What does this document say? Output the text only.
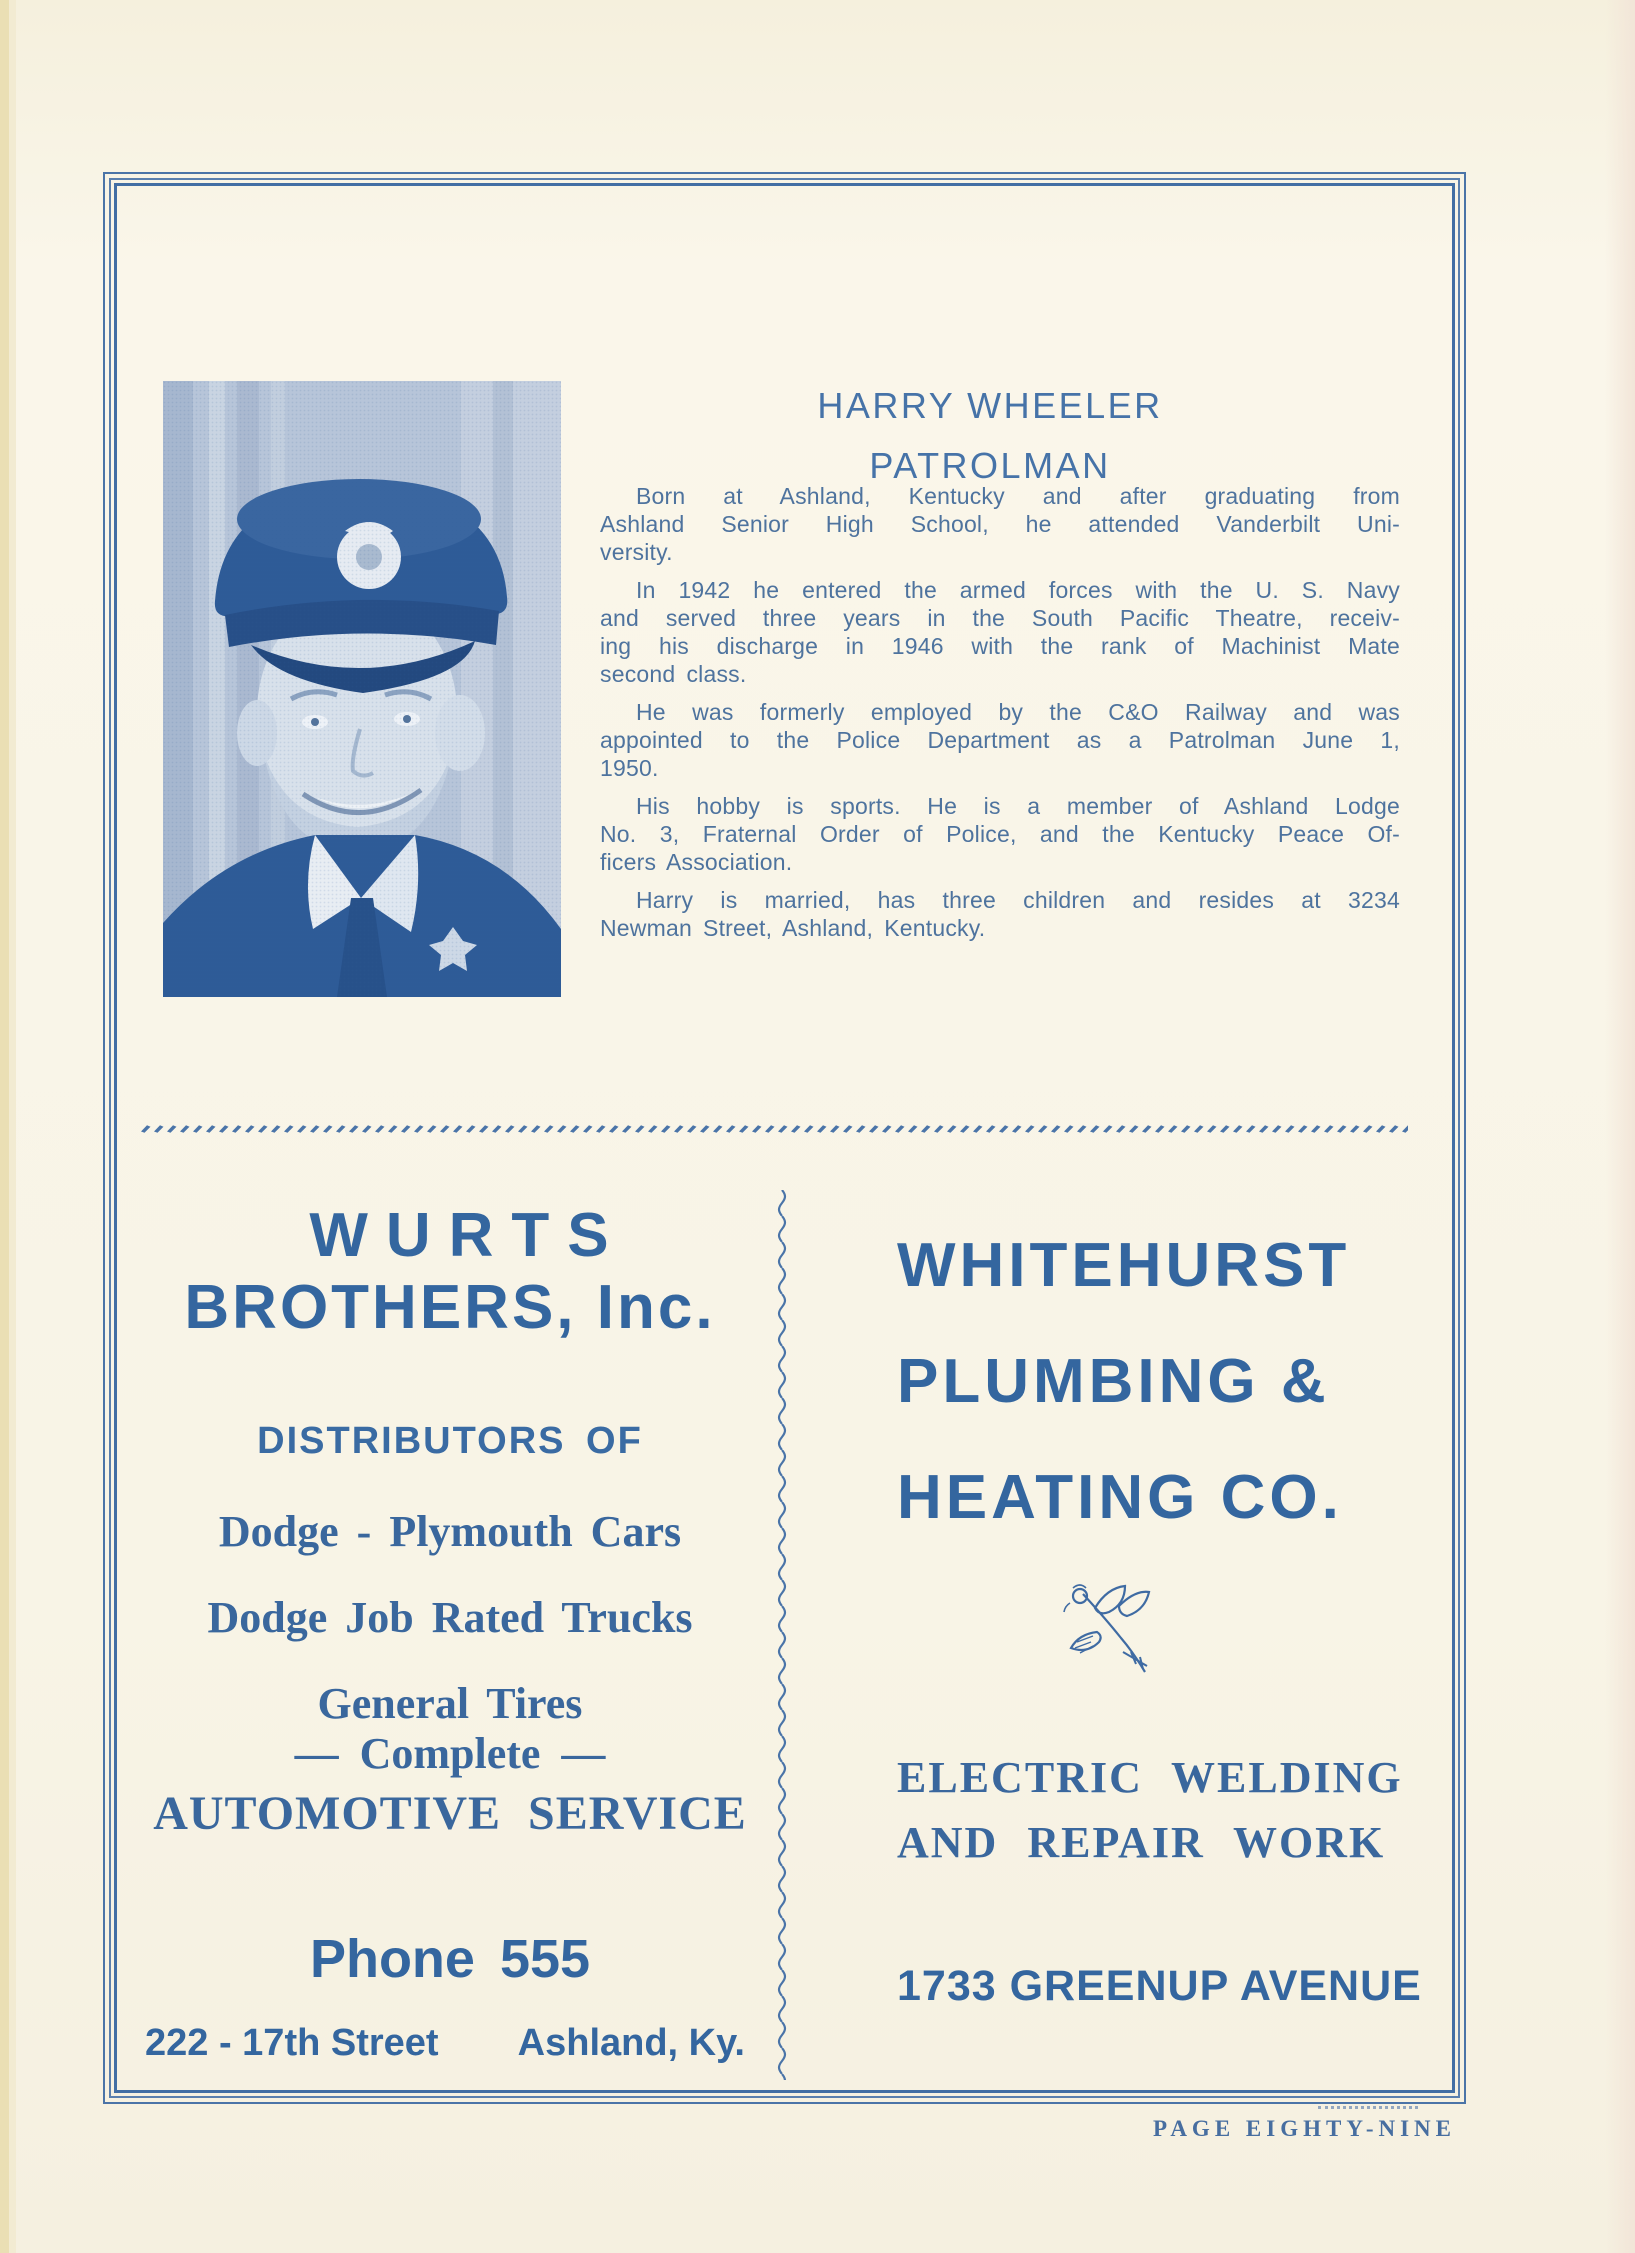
HARRY WHEELER
PATROLMAN

Born at Ashland, Kentucky and after graduating from
Ashland Senior High School, he attended Vanderbilt Uni-
versity.

In 1942 he entered the armed forces with the U. S. Navy
and served three years in the South Pacific Theatre, receiv-
ing his discharge in 1946 with the rank of Machinist Mate
second class.

He was formerly employed by the C&O Railway and was
appointed to the Police Department as a Patrolman June 1,
1950.

His hobby is sports. He is a member of Ashland Lodge
No. 3, Fraternal Order of Police, and the Kentucky Peace Of-
ficers Association.

Harry is married, has three children and resides at 3234
Newman Street, Ashland, Kentucky.

WURTS
BROTHERS, Inc.
DISTRIBUTORS OF
Dodge - Plymouth Cars
Dodge Job Rated Trucks
General Tires
— Complete —
AUTOMOTIVE SERVICE
Phone 555
222 - 17th Street Ashland, Ky.
WHITEHURST
PLUMBING &
HEATING CO.
ELECTRIC WELDING
AND REPAIR WORK
1733 GREENUP AVENUE
PAGE EIGHTY-NINE
